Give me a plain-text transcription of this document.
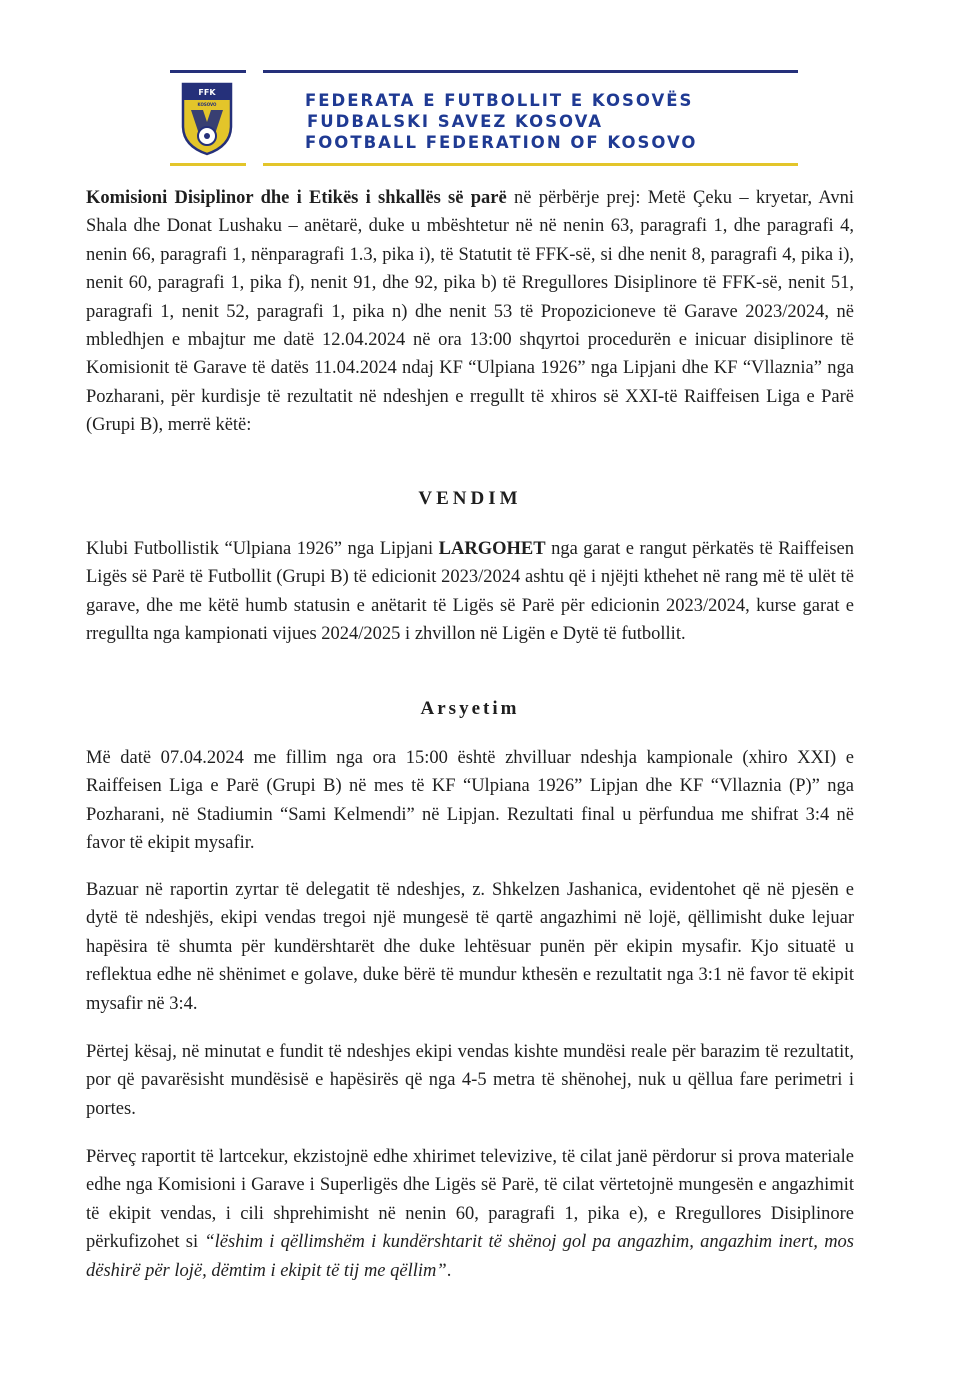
FFK
KOSOVO	FEDERATA E FUTBOLLIT E KOSOVËS
FUDBALSKI SAVEZ KOSOVA
FOOTBALL FEDERATION OF KOSOVO
Komisioni Disiplinor dhe i Etikës i shkallës së parë në përbërje prej: Metë Çeku – kryetar, Avni Shala dhe Donat Lushaku – anëtarë, duke u mbështetur në në nenin 63, paragrafi 1, dhe paragrafi 4, nenin 66, paragrafi 1, nënparagrafi 1.3, pika i), të Statutit të FFK-së, si dhe nenit 8, paragrafi 4, pika i), nenit 60, paragrafi 1, pika f), nenit 91, dhe 92, pika b) të Rregullores Disiplinore të FFK-së, nenit 51, paragrafi 1, nenit 52, paragrafi 1, pika n) dhe nenit 53 të Propozicioneve të Garave 2023/2024, në mbledhjen e mbajtur me datë 12.04.2024 në ora 13:00 shqyrtoi procedurën e inicuar disiplinore të Komisionit të Garave të datës 11.04.2024 ndaj KF “Ulpiana 1926” nga Lipjani dhe KF “Vllaznia” nga Pozharani, për kurdisje të rezultatit në ndeshjen e rregullt të xhiros së XXI-të Raiffeisen Liga e Parë (Grupi B), merrë këtë:
VENDIM
Klubi Futbollistik “Ulpiana 1926” nga Lipjani LARGOHET nga garat e rangut përkatës të Raiffeisen Ligës së Parë të Futbollit (Grupi B) të edicionit 2023/2024 ashtu që i njëjti kthehet në rang më të ulët të garave, dhe me këtë humb statusin e anëtarit të Ligës së Parë për edicionin 2023/2024, kurse garat e rregullta nga kampionati vijues 2024/2025 i zhvillon në Ligën e Dytë të futbollit.
Arsyetim
Më datë 07.04.2024 me fillim nga ora 15:00 është zhvilluar ndeshja kampionale (xhiro XXI) e Raiffeisen Liga e Parë (Grupi B) në mes të KF “Ulpiana 1926” Lipjan dhe KF “Vllaznia (P)” nga Pozharani, në Stadiumin “Sami Kelmendi” në Lipjan. Rezultati final u përfundua me shifrat 3:4 në favor të ekipit mysafir.
Bazuar në raportin zyrtar të delegatit të ndeshjes, z. Shkelzen Jashanica, evidentohet që në pjesën e dytë të ndeshjës, ekipi vendas tregoi një mungesë të qartë angazhimi në lojë, qëllimisht duke lejuar hapësira të shumta për kundërshtarët dhe duke lehtësuar punën për ekipin mysafir. Kjo situatë u reflektua edhe në shënimet e golave, duke bërë të mundur kthesën e rezultatit nga 3:1 në favor të ekipit mysafir në 3:4.
Përtej kësaj, në minutat e fundit të ndeshjes ekipi vendas kishte mundësi reale për barazim të rezultatit, por që pavarësisht mundësisë e hapësirës që nga 4-5 metra të shënohej, nuk u qëllua fare perimetri i portes.
Përveç raportit të lartcekur, ekzistojnë edhe xhirimet televizive, të cilat janë përdorur si prova materiale edhe nga Komisioni i Garave i Superligës dhe Ligës së Parë, të cilat vërtetojnë mungesën e angazhimit të ekipit vendas, i cili shprehimisht në nenin 60, paragrafi 1, pika e), e Rregullores Disiplinore përkufizohet si “lëshim i qëllimshëm i kundërshtarit të shënoj gol pa angazhim, angazhim inert, mos dëshirë për lojë, dëmtim i ekipit të tij me qëllim”.
